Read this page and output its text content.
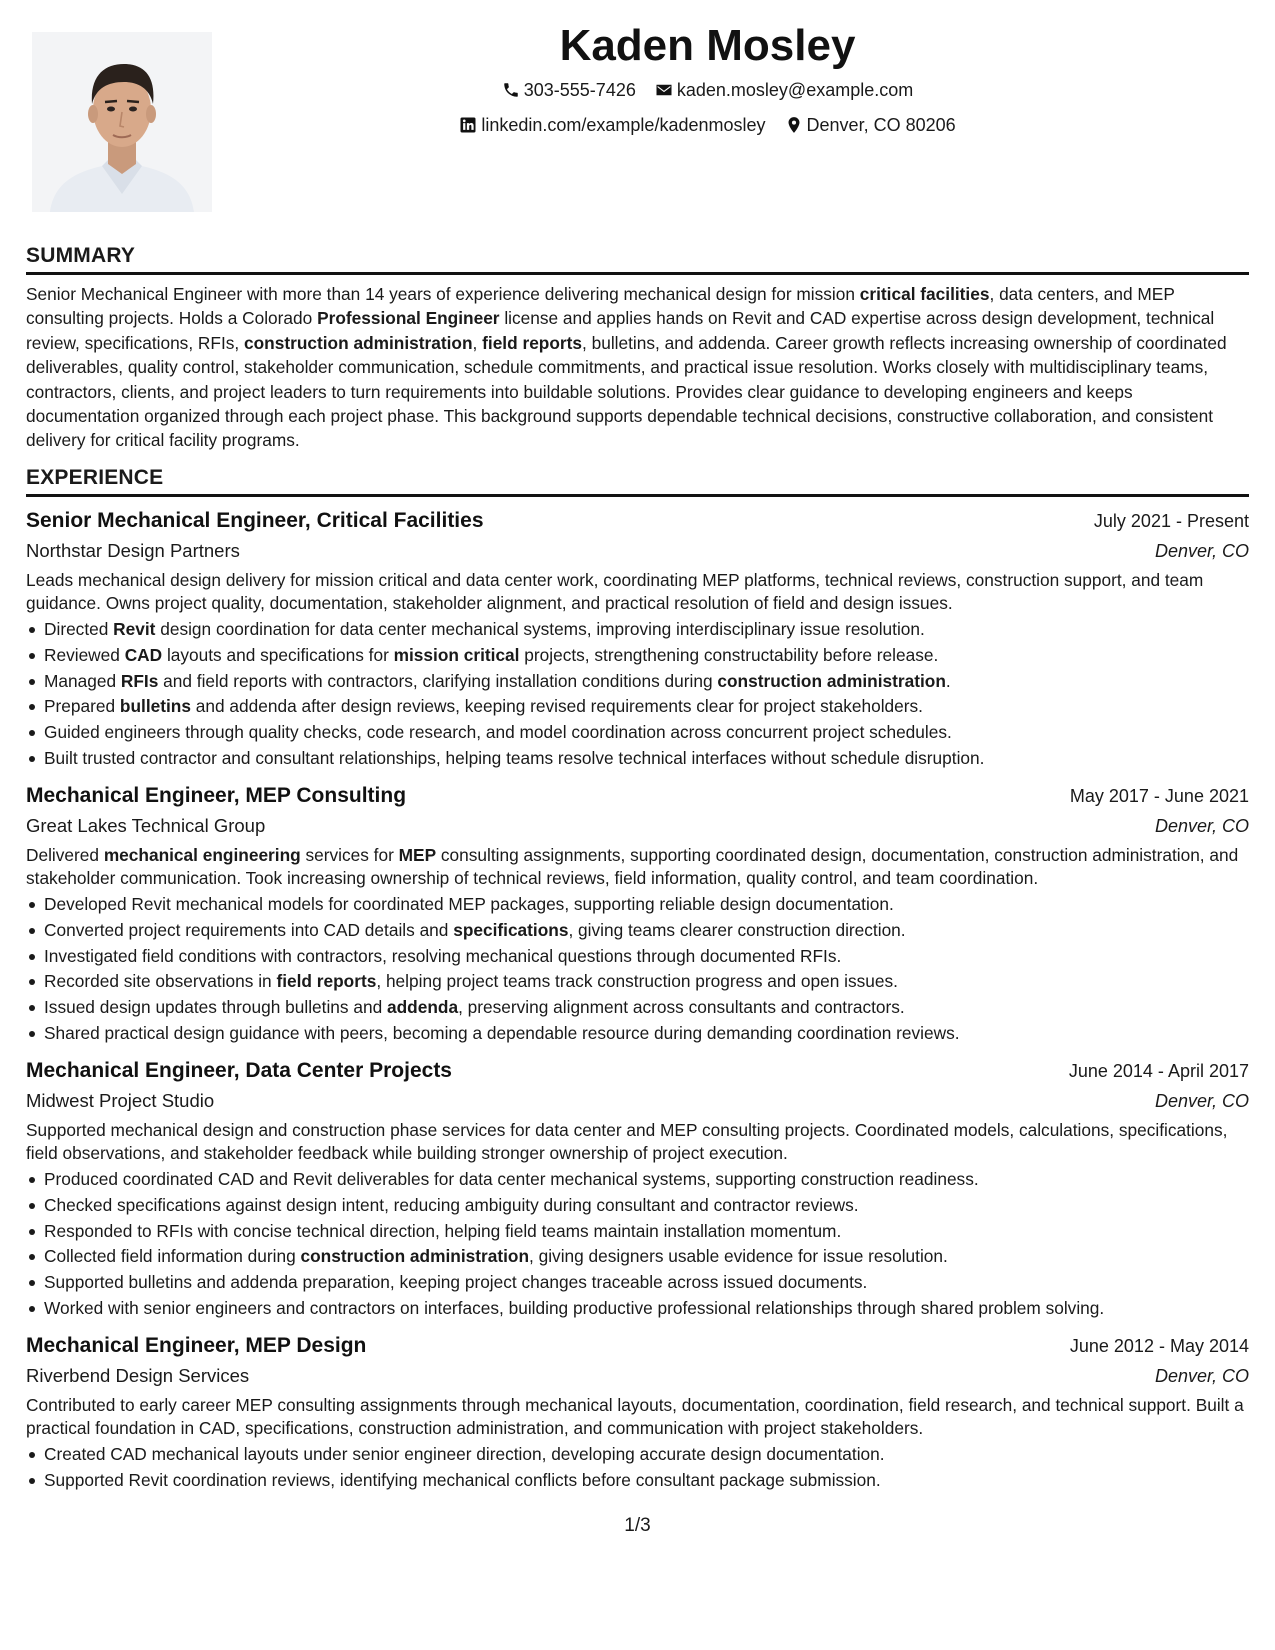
Kaden Mosley
303-555-7426
kaden.mosley@example.com
linkedin.com/example/kadenmosley
Denver, CO 80206
SUMMARY

Senior Mechanical Engineer with more than 14 years of experience delivering mechanical design for mission critical facilities, data centers, and MEP consulting projects. Holds a Colorado Professional Engineer license and applies hands on Revit and CAD expertise across design development, technical review, specifications, RFIs, construction administration, field reports, bulletins, and addenda. Career growth reflects increasing ownership of coordinated deliverables, quality control, stakeholder communication, schedule commitments, and practical issue resolution. Works closely with multidisciplinary teams, contractors, clients, and project leaders to turn requirements into buildable solutions. Provides clear guidance to developing engineers and keeps documentation organized through each project phase. This background supports dependable technical decisions, constructive collaboration, and consistent delivery for critical facility programs.

EXPERIENCE
Senior Mechanical Engineer, Critical Facilities	July 2021 - Present
Northstar Design Partners	Denver, CO

Leads mechanical design delivery for mission critical and data center work, coordinating MEP platforms, technical reviews, construction support, and team guidance. Owns project quality, documentation, stakeholder alignment, and practical resolution of field and design issues.

Directed Revit design coordination for data center mechanical systems, improving interdisciplinary issue resolution.
Reviewed CAD layouts and specifications for mission critical projects, strengthening constructability before release.
Managed RFIs and field reports with contractors, clarifying installation conditions during construction administration.
Prepared bulletins and addenda after design reviews, keeping revised requirements clear for project stakeholders.
Guided engineers through quality checks, code research, and model coordination across concurrent project schedules.
Built trusted contractor and consultant relationships, helping teams resolve technical interfaces without schedule disruption.
Mechanical Engineer, MEP Consulting	May 2017 - June 2021
Great Lakes Technical Group	Denver, CO

Delivered mechanical engineering services for MEP consulting assignments, supporting coordinated design, documentation, construction administration, and stakeholder communication. Took increasing ownership of technical reviews, field information, quality control, and team coordination.

Developed Revit mechanical models for coordinated MEP packages, supporting reliable design documentation.
Converted project requirements into CAD details and specifications, giving teams clearer construction direction.
Investigated field conditions with contractors, resolving mechanical questions through documented RFIs.
Recorded site observations in field reports, helping project teams track construction progress and open issues.
Issued design updates through bulletins and addenda, preserving alignment across consultants and contractors.
Shared practical design guidance with peers, becoming a dependable resource during demanding coordination reviews.
Mechanical Engineer, Data Center Projects	June 2014 - April 2017
Midwest Project Studio	Denver, CO

Supported mechanical design and construction phase services for data center and MEP consulting projects. Coordinated models, calculations, specifications, field observations, and stakeholder feedback while building stronger ownership of project execution.

Produced coordinated CAD and Revit deliverables for data center mechanical systems, supporting construction readiness.
Checked specifications against design intent, reducing ambiguity during consultant and contractor reviews.
Responded to RFIs with concise technical direction, helping field teams maintain installation momentum.
Collected field information during construction administration, giving designers usable evidence for issue resolution.
Supported bulletins and addenda preparation, keeping project changes traceable across issued documents.
Worked with senior engineers and contractors on interfaces, building productive professional relationships through shared problem solving.
Mechanical Engineer, MEP Design	June 2012 - May 2014
Riverbend Design Services	Denver, CO

Contributed to early career MEP consulting assignments through mechanical layouts, documentation, coordination, field research, and technical support. Built a practical foundation in CAD, specifications, construction administration, and communication with project stakeholders.

Created CAD mechanical layouts under senior engineer direction, developing accurate design documentation.
Supported Revit coordination reviews, identifying mechanical conflicts before consultant package submission.
1/3
